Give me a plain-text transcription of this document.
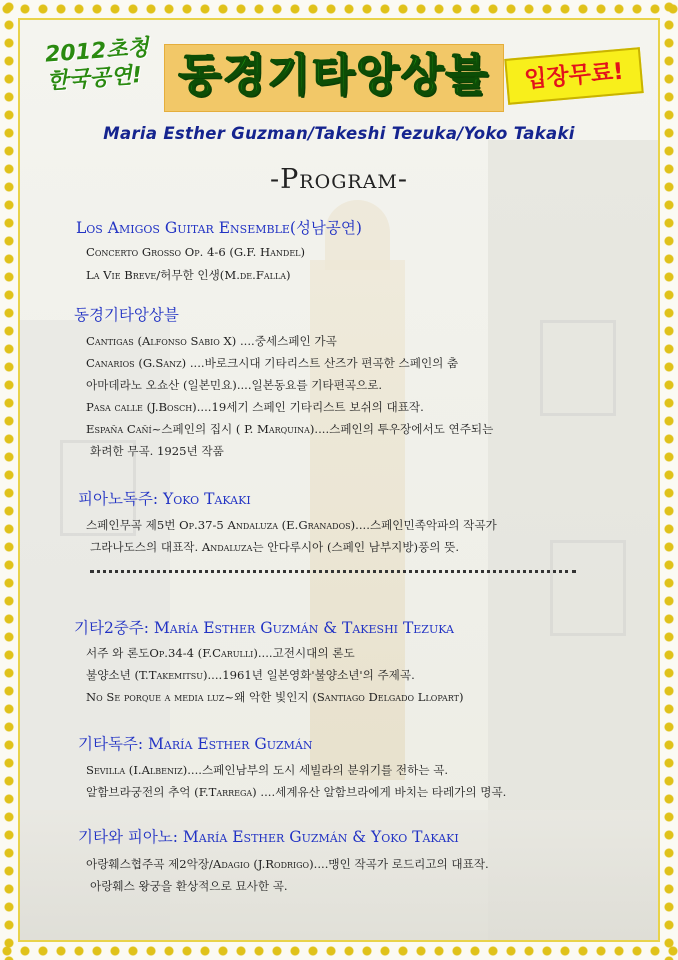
2012초청
한국공연! 동경기타앙상블	입장무료!
Maria Esther Guzman/Takeshi Tezuka/Yoko Takaki
-Program-
Los Amigos Guitar Ensemble(성남공연)
Concerto Grosso Op. 4-6 (G.F. Handel)
La Vie Breve/허무한 인생(M.de.Falla)
동경기타앙상블
Cantigas (Alfonso Sabio X) ....중세스페인 가곡
Canarios (G.Sanz) ....바로크시대 기타리스트 산즈가 편곡한 스페인의 춤
아마데라노 오쇼산 (일본민요)....일본동요를 기타편곡으로.
Pasa calle (J.Bosch)....19세기 스페인 기타리스트 보쉬의 대표작.
España Cañí~스페인의 집시 ( P. Marquina)....스페인의 투우장에서도 연주되는
화려한 무곡. 1925년 작품
피아노독주: Yoko Takaki
스페인무곡 제5번 Op.37-5 Andaluza (E.Granados)....스페인민족악파의 작곡가
그라나도스의 대표작. Andaluza는 안다루시아 (스페인 남부지방)풍의 뜻.
기타2중주: María Esther Guzmán & Takeshi Tezuka
서주 와 론도Op.34-4 (F.Carulli)....고전시대의 론도
불양소년 (T.Takemitsu)....1961년 일본영화'불양소년'의 주제곡.
No Se porque a media luz~왜 악한 빛인지 (Santiago Delgado Llopart)
기타독주: María Esther Guzmán
Sevilla (I.Albeniz)....스페인남부의 도시 세빌라의 분위기를 전하는 곡.
알함브라궁전의 추억 (F.Tarrega) ....세계유산 알함브라에게 바치는 타레가의 명곡.
기타와 피아노: María Esther Guzmán & Yoko Takaki
아랑훼스협주곡 제2악장/Adagio (J.Rodrigo)....맹인 작곡가 로드리고의 대표작.
아랑훼스 왕궁을 환상적으로 묘사한 곡.
